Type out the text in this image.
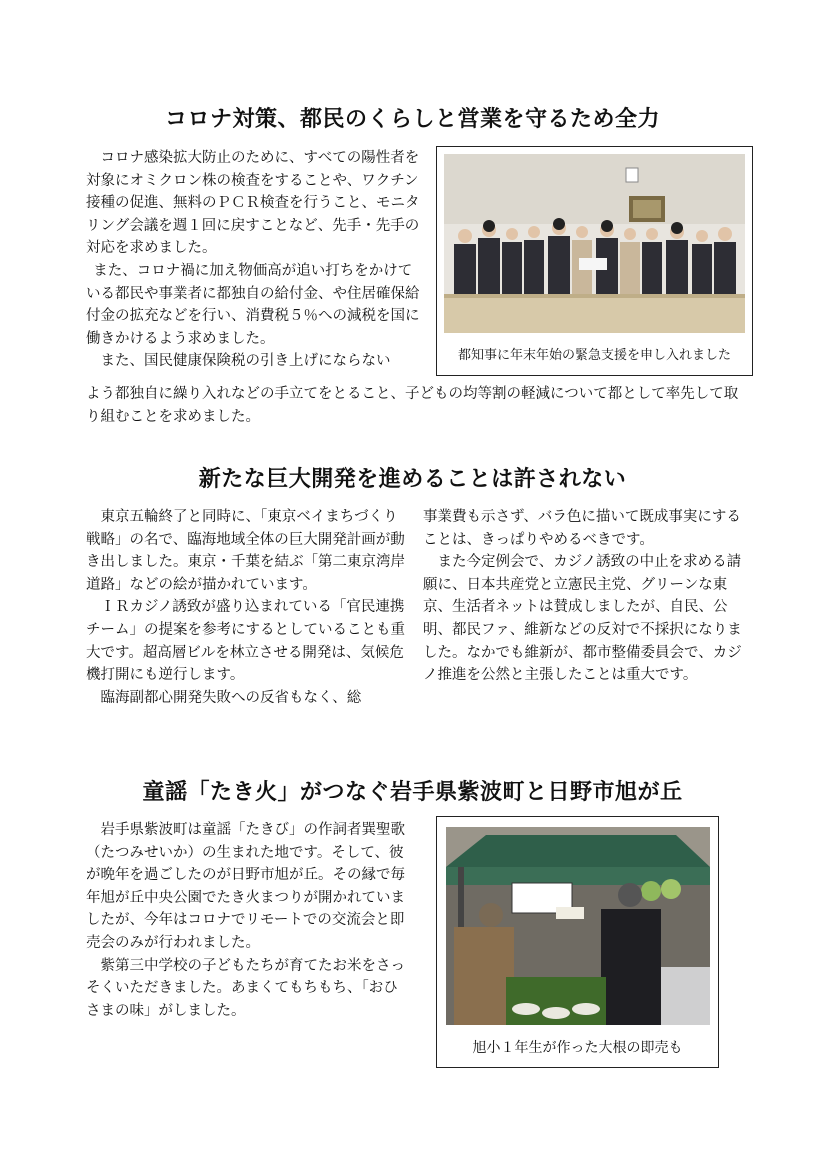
コロナ対策、都民のくらしと営業を守るため全力

コロナ感染拡大防止のために、すべての陽性者を対象にオミクロン株の検査をすることや、ワクチン接種の促進、無料のＰＣＲ検査を行うこと、モニタリング会議を週１回に戻すことなど、先手・先手の対応を求めました。

また、コロナ禍に加え物価高が追い打ちをかけている都民や事業者に都独自の給付金、や住居確保給付金の拡充などを行い、消費税５％への減税を国に働きかけるよう求めました。

また、国民健康保険税の引き上げにならない

よう都独自に繰り入れなどの手立てをとること、子どもの均等割の軽減について都として率先して取り組むことを求めました。

都知事に年末年始の緊急支援を申し入れました
新たな巨大開発を進めることは許されない

東京五輪終了と同時に、「東京ベイまちづくり戦略」の名で、臨海地域全体の巨大開発計画が動き出しました。東京・千葉を結ぶ「第二東京湾岸道路」などの絵が描かれています。

ＩＲカジノ誘致が盛り込まれている「官民連携チーム」の提案を参考にするとしていることも重大です。超高層ビルを林立させる開発は、気候危機打開にも逆行します。

臨海副都心開発失敗への反省もなく、総

事業費も示さず、バラ色に描いて既成事実にすることは、きっぱりやめるべきです。

また今定例会で、カジノ誘致の中止を求める請願に、日本共産党と立憲民主党、グリーンな東京、生活者ネットは賛成しましたが、自民、公明、都民ファ、維新などの反対で不採択になりました。なかでも維新が、都市整備委員会で、カジノ推進を公然と主張したことは重大です。

童謡「たき火」がつなぐ岩手県紫波町と日野市旭が丘

岩手県紫波町は童謡「たきび」の作詞者巽聖歌（たつみせいか）の生まれた地です。そして、彼が晩年を過ごしたのが日野市旭が丘。その縁で毎年旭が丘中央公園でたき火まつりが開かれていましたが、今年はコロナでリモートでの交流会と即売会のみが行われました。

紫第三中学校の子どもたちが育てたお米をさっそくいただきました。あまくてもちもち、「おひさまの味」がしました。

旭小１年生が作った大根の即売も
